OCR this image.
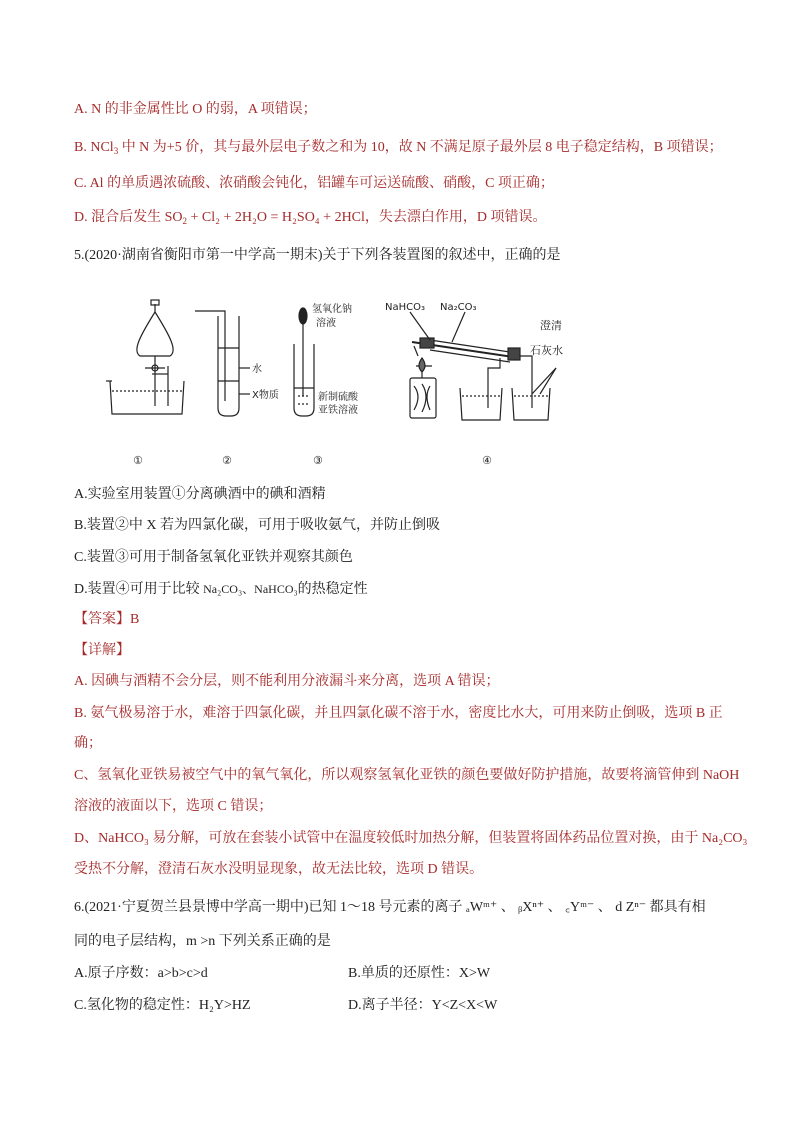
A. N 的非金属性比 O 的弱，A 项错误；
B. NCl$_3$ 中 N 为+5 价，其与最外层电子数之和为 10，故 N 不满足原子最外层 8 电子稳定结构，B 项错误；
C. Al 的单质遇浓硫酸、浓硝酸会钝化，铝罐车可运送硫酸、硝酸，C 项正确；
D. 混合后发生 $SO_2 + Cl_2 + 2H_2O = H_2SO_4 + 2HCl$，失去漂白作用，D 项错误。
5.(2020·湖南省衡阳市第一中学高一期末)关于下列各装置图的叙述中，正确的是
水
X物质
氢氧化钠
溶液
新制硫酸
亚铁溶液
NaHCO₃ Na₂CO₃
澄清
石灰水
①	②	③	④
A.实验室用装置①分离碘酒中的碘和酒精
B.装置②中 X 若为四氯化碳，可用于吸收氨气，并防止倒吸
C.装置③可用于制备氢氧化亚铁并观察其颜色
D.装置④可用于比较 Na₂CO₃、NaHCO₃的热稳定性
【答案】B
【详解】
A. 因碘与酒精不会分层，则不能利用分液漏斗来分离，选项 A 错误；
B. 氨气极易溶于水，难溶于四氯化碳，并且四氯化碳不溶于水，密度比水大，可用来防止倒吸，选项 B 正
确；
C、氢氧化亚铁易被空气中的氧气氧化，所以观察氢氧化亚铁的颜色要做好防护措施，故要将滴管伸到 NaOH
溶液的液面以下，选项 C 错误；
D、NaHCO₃ 易分解，可放在套装小试管中在温度较低时加热分解，但装置将固体药品位置对换，由于 Na₂CO₃
受热不分解，澄清石灰水没明显现象，故无法比较，选项 D 错误。
6.(2021·宁夏贺兰县景博中学高一期中)已知 1～18 号元素的离子 ₐWᵐ⁺ 、 ᵦXⁿ⁺ 、 ꜀Yᵐ⁻ 、 d Zⁿ⁻ 都具有相
同的电子层结构，m >n 下列关系正确的是
A.原子序数：a>b>c>d	B.单质的还原性：X>W
C.氢化物的稳定性：H₂Y>HZ	D.离子半径：Y<Z<X<W
